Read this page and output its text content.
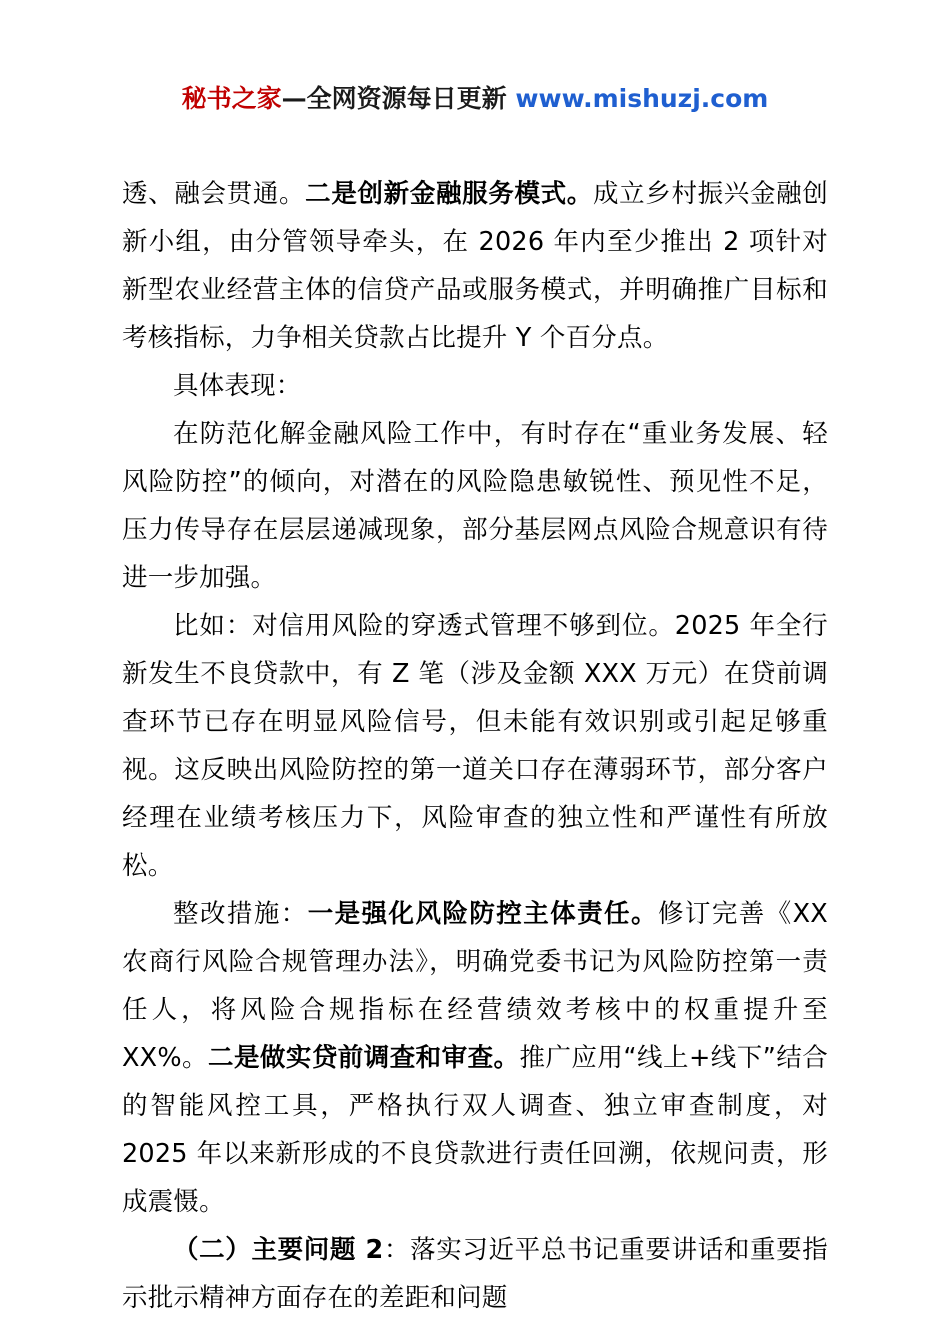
秘书之家—全网资源每日更新 www.mishuzj.com
透、融会贯通。二是创新金融服务模式。成立乡村振兴金融创新小组，由分管领导牵头，在 2026 年内至少推出 2 项针对新型农业经营主体的信贷产品或服务模式，并明确推广目标和考核指标，力争相关贷款占比提升 Y 个百分点。
具体表现：
在防范化解金融风险工作中，有时存在“重业务发展、轻风险防控”的倾向，对潜在的风险隐患敏锐性、预见性不足，压力传导存在层层递减现象，部分基层网点风险合规意识有待进一步加强。
比如：对信用风险的穿透式管理不够到位。2025 年全行新发生不良贷款中，有 Z 笔（涉及金额 XXX 万元）在贷前调查环节已存在明显风险信号，但未能有效识别或引起足够重视。这反映出风险防控的第一道关口存在薄弱环节，部分客户经理在业绩考核压力下，风险审查的独立性和严谨性有所放松。
整改措施：一是强化风险防控主体责任。修订完善《XX 农商行风险合规管理办法》，明确党委书记为风险防控第一责任人，将风险合规指标在经营绩效考核中的权重提升至 XX%。二是做实贷前调查和审查。推广应用“线上+线下”结合的智能风控工具，严格执行双人调查、独立审查制度，对 2025 年以来新形成的不良贷款进行责任回溯，依规问责，形成震慑。
（二）主要问题 2：落实习近平总书记重要讲话和重要指示批示精神方面存在的差距和问题
